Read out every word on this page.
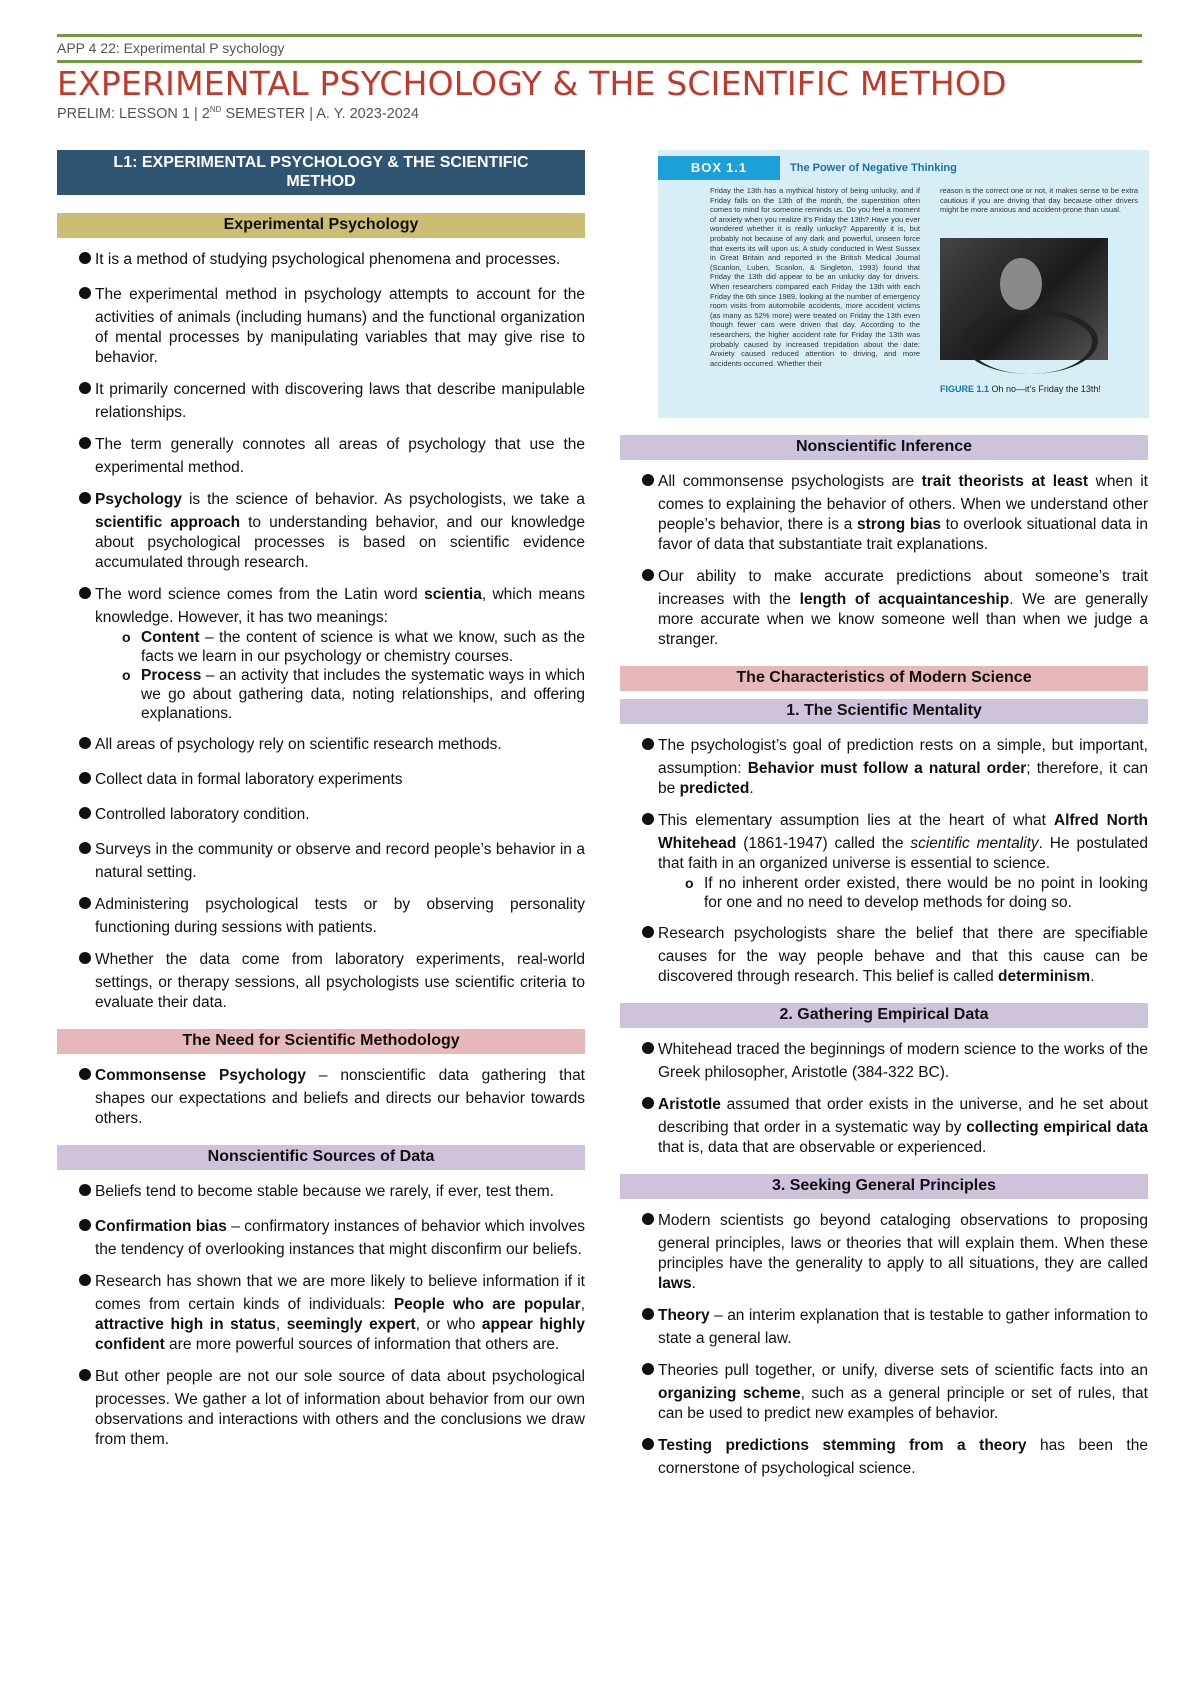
APP 4 22: Experimental P sychology
EXPERIMENTAL PSYCHOLOGY & THE SCIENTIFIC METHOD
PRELIM: LESSON 1 | 2ND SEMESTER | A. Y. 2023-2024
L1: EXPERIMENTAL PSYCHOLOGY & THE SCIENTIFIC METHOD
Experimental Psychology
It is a method of studying psychological phenomena and processes.
The experimental method in psychology attempts to account for the activities of animals (including humans) and the functional organization of mental processes by manipulating variables that may give rise to behavior.
It primarily concerned with discovering laws that describe manipulable relationships.
The term generally connotes all areas of psychology that use the experimental method.
Psychology is the science of behavior. As psychologists, we take a scientific approach to understanding behavior, and our knowledge about psychological processes is based on scientific evidence accumulated through research.
The word science comes from the Latin word scientia, which means knowledge. However, it has two meanings:
o Content – the content of science is what we know, such as the facts we learn in our psychology or chemistry courses.
o Process – an activity that includes the systematic ways in which we go about gathering data, noting relationships, and offering explanations.
All areas of psychology rely on scientific research methods.
Collect data in formal laboratory experiments
Controlled laboratory condition.
Surveys in the community or observe and record people’s behavior in a natural setting.
Administering psychological tests or by observing personality functioning during sessions with patients.
Whether the data come from laboratory experiments, real-world settings, or therapy sessions, all psychologists use scientific criteria to evaluate their data.
The Need for Scientific Methodology
Commonsense Psychology – nonscientific data gathering that shapes our expectations and beliefs and directs our behavior towards others.
Nonscientific Sources of Data
Beliefs tend to become stable because we rarely, if ever, test them.
Confirmation bias – confirmatory instances of behavior which involves the tendency of overlooking instances that might disconfirm our beliefs.
Research has shown that we are more likely to believe information if it comes from certain kinds of individuals: People who are popular, attractive high in status, seemingly expert, or who appear highly confident are more powerful sources of information that others are.
But other people are not our sole source of data about psychological processes. We gather a lot of information about behavior from our own observations and interactions with others and the conclusions we draw from them.
BOX 1.1	The Power of Negative Thinking
Friday the 13th has a mythical history of being unlucky, and if Friday falls on the 13th of the month, the superstition often comes to mind for someone reminds us. Do you feel a moment of anxiety when you realize it’s Friday the 13th? Have you ever wondered whether it is really unlucky? Apparently it is, but probably not because of any dark and powerful, unseen force that exerts its will upon us. A study conducted in West Sussex in Great Britain and reported in the British Medical Journal (Scanlon, Luben, Scanlon, & Singleton, 1993) found that Friday the 13th did appear to be an unlucky day for drivers. When researchers compared each Friday the 13th with each Friday the 6th since 1989, looking at the number of emergency room visits from automobile accidents, more accident victims (as many as 52% more) were treated on Friday the 13th even though fewer cars were driven that day. According to the researchers, the higher accident rate for Friday the 13th was probably caused by increased trepidation about the date: Anxiety caused reduced attention to driving, and more accidents occurred. Whether their
reason is the correct one or not, it makes sense to be extra cautious if you are driving that day because other drivers might be more anxious and accident-prone than usual.
FIGURE 1.1 Oh no—it’s Friday the 13th!
Nonscientific Inference
All commonsense psychologists are trait theorists at least when it comes to explaining the behavior of others. When we understand other people’s behavior, there is a strong bias to overlook situational data in favor of data that substantiate trait explanations.
Our ability to make accurate predictions about someone’s trait increases with the length of acquaintanceship. We are generally more accurate when we know someone well than when we judge a stranger.
The Characteristics of Modern Science
1. The Scientific Mentality
The psychologist’s goal of prediction rests on a simple, but important, assumption: Behavior must follow a natural order; therefore, it can be predicted.
This elementary assumption lies at the heart of what Alfred North Whitehead (1861-1947) called the scientific mentality. He postulated that faith in an organized universe is essential to science.
o If no inherent order existed, there would be no point in looking for one and no need to develop methods for doing so.
Research psychologists share the belief that there are specifiable causes for the way people behave and that this cause can be discovered through research. This belief is called determinism.
2. Gathering Empirical Data
Whitehead traced the beginnings of modern science to the works of the Greek philosopher, Aristotle (384-322 BC).
Aristotle assumed that order exists in the universe, and he set about describing that order in a systematic way by collecting empirical data that is, data that are observable or experienced.
3. Seeking General Principles
Modern scientists go beyond cataloging observations to proposing general principles, laws or theories that will explain them. When these principles have the generality to apply to all situations, they are called laws.
Theory – an interim explanation that is testable to gather information to state a general law.
Theories pull together, or unify, diverse sets of scientific facts into an organizing scheme, such as a general principle or set of rules, that can be used to predict new examples of behavior.
Testing predictions stemming from a theory has been the cornerstone of psychological science.
